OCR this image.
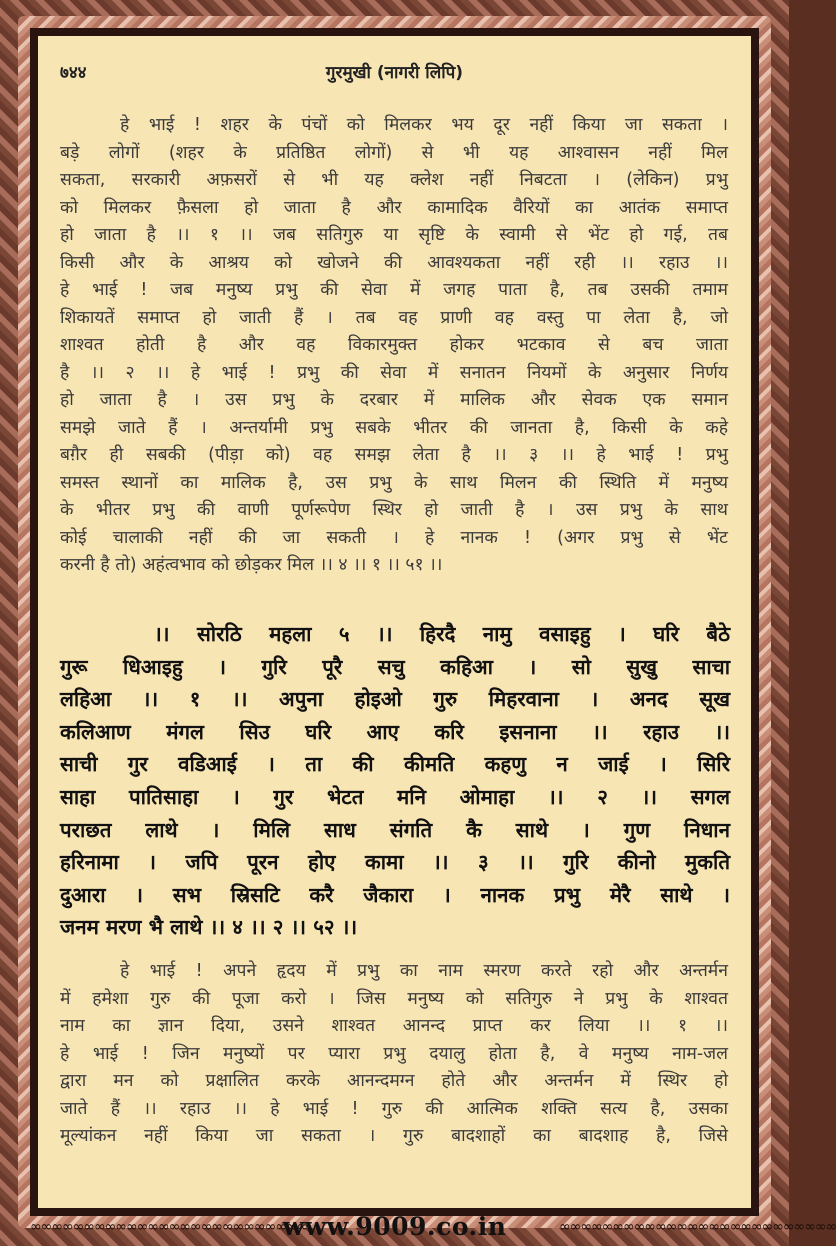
७४४	गुरमुखी (नागरी लिपि)
हे भाई ! शहर के पंचों को मिलकर भय दूर नहीं किया जा सकता ।
बड़े लोगों (शहर के प्रतिष्ठित लोगों) से भी यह आश्वासन नहीं मिल
सकता, सरकारी अफ़सरों से भी यह क्लेश नहीं निबटता । (लेकिन) प्रभु
को मिलकर फ़ैसला हो जाता है और कामादिक वैरियों का आतंक समाप्त
हो जाता है ।। १ ।। जब सतिगुरु या सृष्टि के स्वामी से भेंट हो गई, तब
किसी और के आश्रय को खोजने की आवश्यकता नहीं रही ।। रहाउ ।।
हे भाई ! जब मनुष्य प्रभु की सेवा में जगह पाता है, तब उसकी तमाम
शिकायतें समाप्त हो जाती हैं । तब वह प्राणी वह वस्तु पा लेता है, जो
शाश्वत होती है और वह विकारमुक्त होकर भटकाव से बच जाता
है ।। २ ।। हे भाई ! प्रभु की सेवा में सनातन नियमों के अनुसार निर्णय
हो जाता है । उस प्रभु के दरबार में मालिक और सेवक एक समान
समझे जाते हैं । अन्तर्यामी प्रभु सबके भीतर की जानता है, किसी के कहे
बग़ैर ही सबकी (पीड़ा को) वह समझ लेता है ।। ३ ।। हे भाई ! प्रभु
समस्त स्थानों का मालिक है, उस प्रभु के साथ मिलन की स्थिति में मनुष्य
के भीतर प्रभु की वाणी पूर्णरूपेण स्थिर हो जाती है । उस प्रभु के साथ
कोई चालाकी नहीं की जा सकती । हे नानक ! (अगर प्रभु से भेंट
करनी है तो) अहंत्वभाव को छोड़कर मिल ।। ४ ।। १ ।। ५१ ।।
।। सोरठि महला ५ ।। हिरदै नामु वसाइहु । घरि बैठे
गुरू धिआइहु । गुरि पूरै सचु कहिआ । सो सुखु साचा
लहिआ ।। १ ।। अपुना होइओ गुरु मिहरवाना । अनद सूख
कलिआण मंगल सिउ घरि आए करि इसनाना ।। रहाउ ।।
साची गुर वडिआई । ता की कीमति कहणु न जाई । सिरि
साहा पातिसाहा । गुर भेटत मनि ओमाहा ।। २ ।। सगल
पराछत लाथे । मिलि साध संगति कै साथे । गुण निधान
हरिनामा । जपि पूरन होए कामा ।। ३ ।। गुरि कीनो मुकति
दुआरा । सभ स्रिसटि करै जैकारा । नानक प्रभु मेरै साथे ।
जनम मरण भै लाथे ।। ४ ।। २ ।। ५२ ।।
हे भाई ! अपने हृदय में प्रभु का नाम स्मरण करते रहो और अन्तर्मन
में हमेशा गुरु की पूजा करो । जिस मनुष्य को सतिगुरु ने प्रभु के शाश्वत
नाम का ज्ञान दिया, उसने शाश्वत आनन्द प्राप्त कर लिया ।। १ ।।
हे भाई ! जिन मनुष्यों पर प्यारा प्रभु दयालु होता है, वे मनुष्य नाम-जल
द्वारा मन को प्रक्षालित करके आनन्दमग्न होते और अन्तर्मन में स्थिर हो
जाते हैं ।। रहाउ ।। हे भाई ! गुरु की आत्मिक शक्ति सत्य है, उसका
मूल्यांकन नहीं किया जा सकता । गुरु बादशाहों का बादशाह है, जिसे
∞∞∞∞∞∞∞∞∞∞∞∞∞∞∞∞∞∞∞∞∞∞∞∞∞∞
www.9009.co.in	∞∞∞∞∞∞∞∞∞∞∞∞∞∞∞∞∞∞∞∞∞∞∞∞∞∞
